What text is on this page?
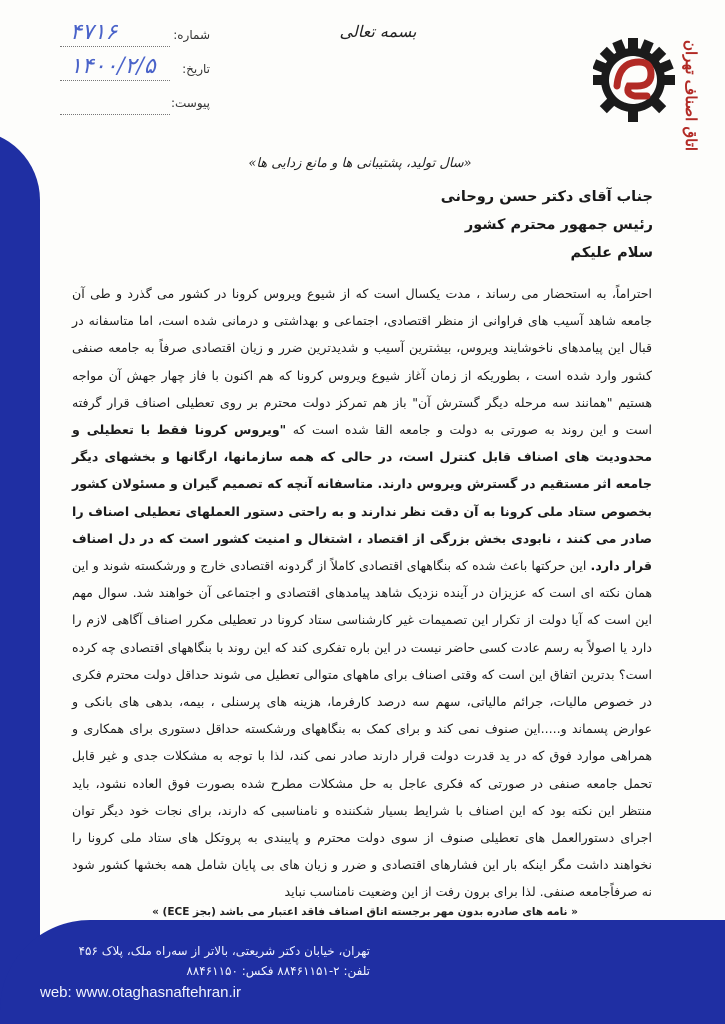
۴۷۱۶	شماره:
۱۴۰۰/۲/۵ تاریخ:
پیوست:
بسمه تعالی
اتاق اصناف تهران
«سال تولید، پشتیبانی ها و مانع زدایی ها»
جناب آقای دکتر حسن روحانی
رئیس جمهور محترم کشور
سلام علیکم

احتراماً، به استحضار می رساند ، مدت یکسال است که از شیوع ویروس کرونا در کشور می گذرد و طی آن جامعه شاهد آسیب های فراوانی از منظر اقتصادی، اجتماعی و بهداشتی و درمانی شده است، اما متاسفانه در قبال این پیامدهای ناخوشایند ویروس، بیشترین آسیب و شدیدترین ضرر و زیان اقتصادی صرفاً به جامعه صنفی کشور وارد شده است ، بطوریکه از زمان آغاز شیوع ویروس کرونا که هم اکنون با فاز چهار جهش آن مواجه هستیم "همانند سه مرحله دیگر گسترش آن" باز هم تمرکز دولت محترم بر روی تعطیلی اصناف قرار گرفته است و این روند به صورتی به دولت و جامعه القا شده است که "ویروس کرونا فقط با تعطیلی و محدودیت های اصناف قابل کنترل است، در حالی که همه سازمانها، ارگانها و بخشهای دیگر جامعه اثر مستقیم در گسترش ویروس دارند. متاسفانه آنچه که تصمیم گیران و مسئولان کشور بخصوص ستاد ملی کرونا به آن دقت نظر ندارند و به راحتی دستور العملهای تعطیلی اصناف را صادر می کنند ، نابودی بخش بزرگی از اقتصاد ، اشتغال و امنیت کشور است که در دل اصناف قرار دارد. این حرکتها باعث شده که بنگاههای اقتصادی کاملاً از گردونه اقتصادی خارج و ورشکسته شوند و این همان نکته ای است که عزیزان در آینده نزدیک شاهد پیامدهای اقتصادی و اجتماعی آن خواهند شد. سوال مهم این است که آیا دولت از تکرار این تصمیمات غیر کارشناسی ستاد کرونا در تعطیلی مکرر اصناف آگاهی لازم را دارد یا اصولاً به رسم عادت کسی حاضر نیست در این باره تفکری کند که این روند با بنگاههای اقتصادی چه کرده است؟ بدترین اتفاق این است که وقتی اصناف برای ماههای متوالی تعطیل می شوند حداقل دولت محترم فکری در خصوص مالیات، جرائم مالیاتی، سهم سه درصد کارفرما، هزینه های پرسنلی ، بیمه، بدهی های بانکی و عوارض پسماند و.....این صنوف نمی کند و برای کمک به بنگاههای ورشکسته حداقل دستوری برای همکاری و همراهی موارد فوق که در ید قدرت دولت قرار دارند صادر نمی کند، لذا با توجه به مشکلات جدی و غیر قابل تحمل جامعه صنفی در صورتی که فکری عاجل به حل مشکلات مطرح شده بصورت فوق العاده نشود، باید منتظر این نکته بود که این اصناف با شرایط بسیار شکننده و نامناسبی که دارند، برای نجات خود دیگر توان اجرای دستورالعمل های تعطیلی صنوف از سوی دولت محترم و پایبندی به پروتکل های ستاد ملی کرونا را نخواهند داشت مگر اینکه بار این فشارهای اقتصادی و ضرر و زیان های بی پایان شامل همه بخشها کشور شود نه صرفاًجامعه صنفی. لذا برای برون رفت از این وضعیت نامناسب نباید

« نامه های صادره بدون مهر برجسته اتاق اصناف فاقد اعتبار می باشد (بجز ECE) »
تهران، خیابان دکتر شریعتی، بالاتر از سه‌راه ملک، پلاک ۴۵۶
تلفن: ۲-۸۸۴۶۱۱۵۱ فکس: ۸۸۴۶۱۱۵۰
web: www.otaghasnaftehran.ir
